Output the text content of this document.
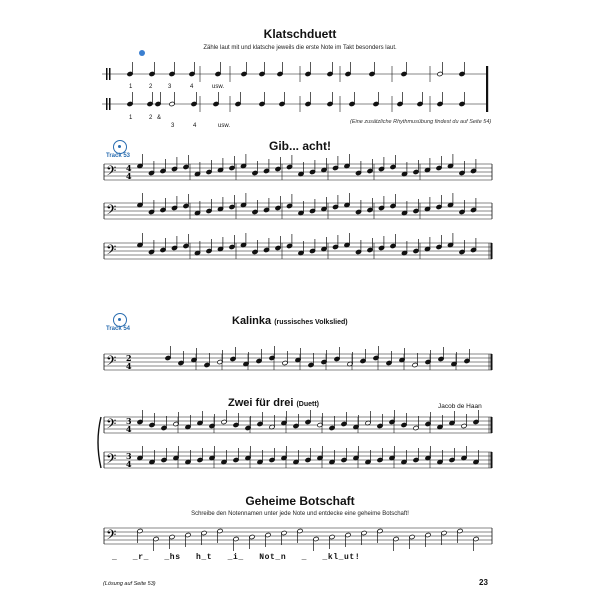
Klatschduett
Zähle laut mit und klatsche jeweils die erste Note im Takt besonders laut.
1	2	3	4	usw.
1	2 &
3	4	usw.
(Eine zusätzliche Rhythmusübung findest du auf Seite 54)
Gib... acht!
Track 53
Kalinka (russisches Volkslied)
Track 54
Zwei für drei (Duett)	Jacob de Haan
Geheime Botschaft
Schreibe den Notennamen unter jede Note und entdecke eine geheime Botschaft!
_ _r_ _hs h_t _i_ Not_n _ _kl_ut!
(Lösung auf Seite 53)	23
𝄢 4
4
𝄢
𝄢
𝄢 2
4
𝄢 3
4
𝄢 3
4
𝄢
